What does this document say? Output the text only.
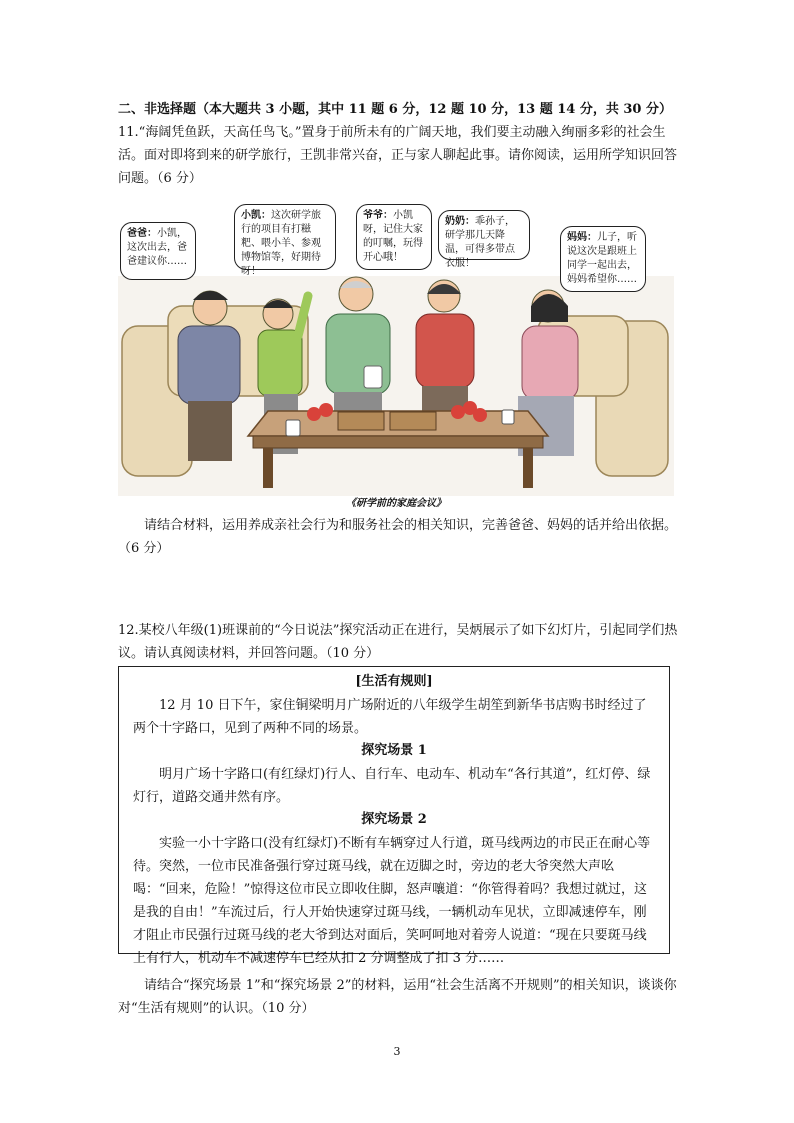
二、非选择题（本大题共 3 小题，其中 11 题 6 分，12 题 10 分，13 题 14 分，共 30 分）

11.“海阔凭鱼跃，天高任鸟飞。”置身于前所未有的广阔天地，我们要主动融入绚丽多彩的社会生活。面对即将到来的研学旅行，王凯非常兴奋，正与家人聊起此事。请你阅读，运用所学知识回答问题。（6 分）

爸爸：小凯，这次出去，爸爸建议你……
小凯：这次研学旅行的项目有打糍粑、喂小羊、参观博物馆等，好期待呀！
爷爷：小凯呀，记住大家的叮嘱，玩得开心哦！
奶奶：乖孙子，研学那几天降温，可得多带点衣服！
妈妈：儿子，听说这次是跟班上同学一起出去，妈妈希望你……
《研学前的家庭会议》

请结合材料，运用养成亲社会行为和服务社会的相关知识，完善爸爸、妈妈的话并给出依据。（6 分）

12.某校八年级(1)班课前的“今日说法”探究活动正在进行，吴炳展示了如下幻灯片，引起同学们热议。请认真阅读材料，并回答问题。（10 分）

[生活有规则]

12 月 10 日下午，家住铜梁明月广场附近的八年级学生胡笙到新华书店购书时经过了两个十字路口，见到了两种不同的场景。

探究场景 1

明月广场十字路口(有红绿灯)行人、自行车、电动车、机动车“各行其道”，红灯停、绿灯行，道路交通井然有序。

探究场景 2

实验一小十字路口(没有红绿灯)不断有车辆穿过人行道，斑马线两边的市民正在耐心等待。突然，一位市民准备强行穿过斑马线，就在迈脚之时，旁边的老大爷突然大声吆喝：“回来，危险！”惊得这位市民立即收住脚，怒声嚷道：“你管得着吗？我想过就过，这是我的自由！”车流过后，行人开始快速穿过斑马线，一辆机动车见状，立即减速停车，刚才阻止市民强行过斑马线的老大爷到达对面后，笑呵呵地对着旁人说道：“现在只要斑马线上有行人，机动车不减速停车已经从扣 2 分调整成了扣 3 分……

请结合“探究场景 1”和“探究场景 2”的材料，运用“社会生活离不开规则”的相关知识，谈谈你对“生活有规则”的认识。（10 分）

3
